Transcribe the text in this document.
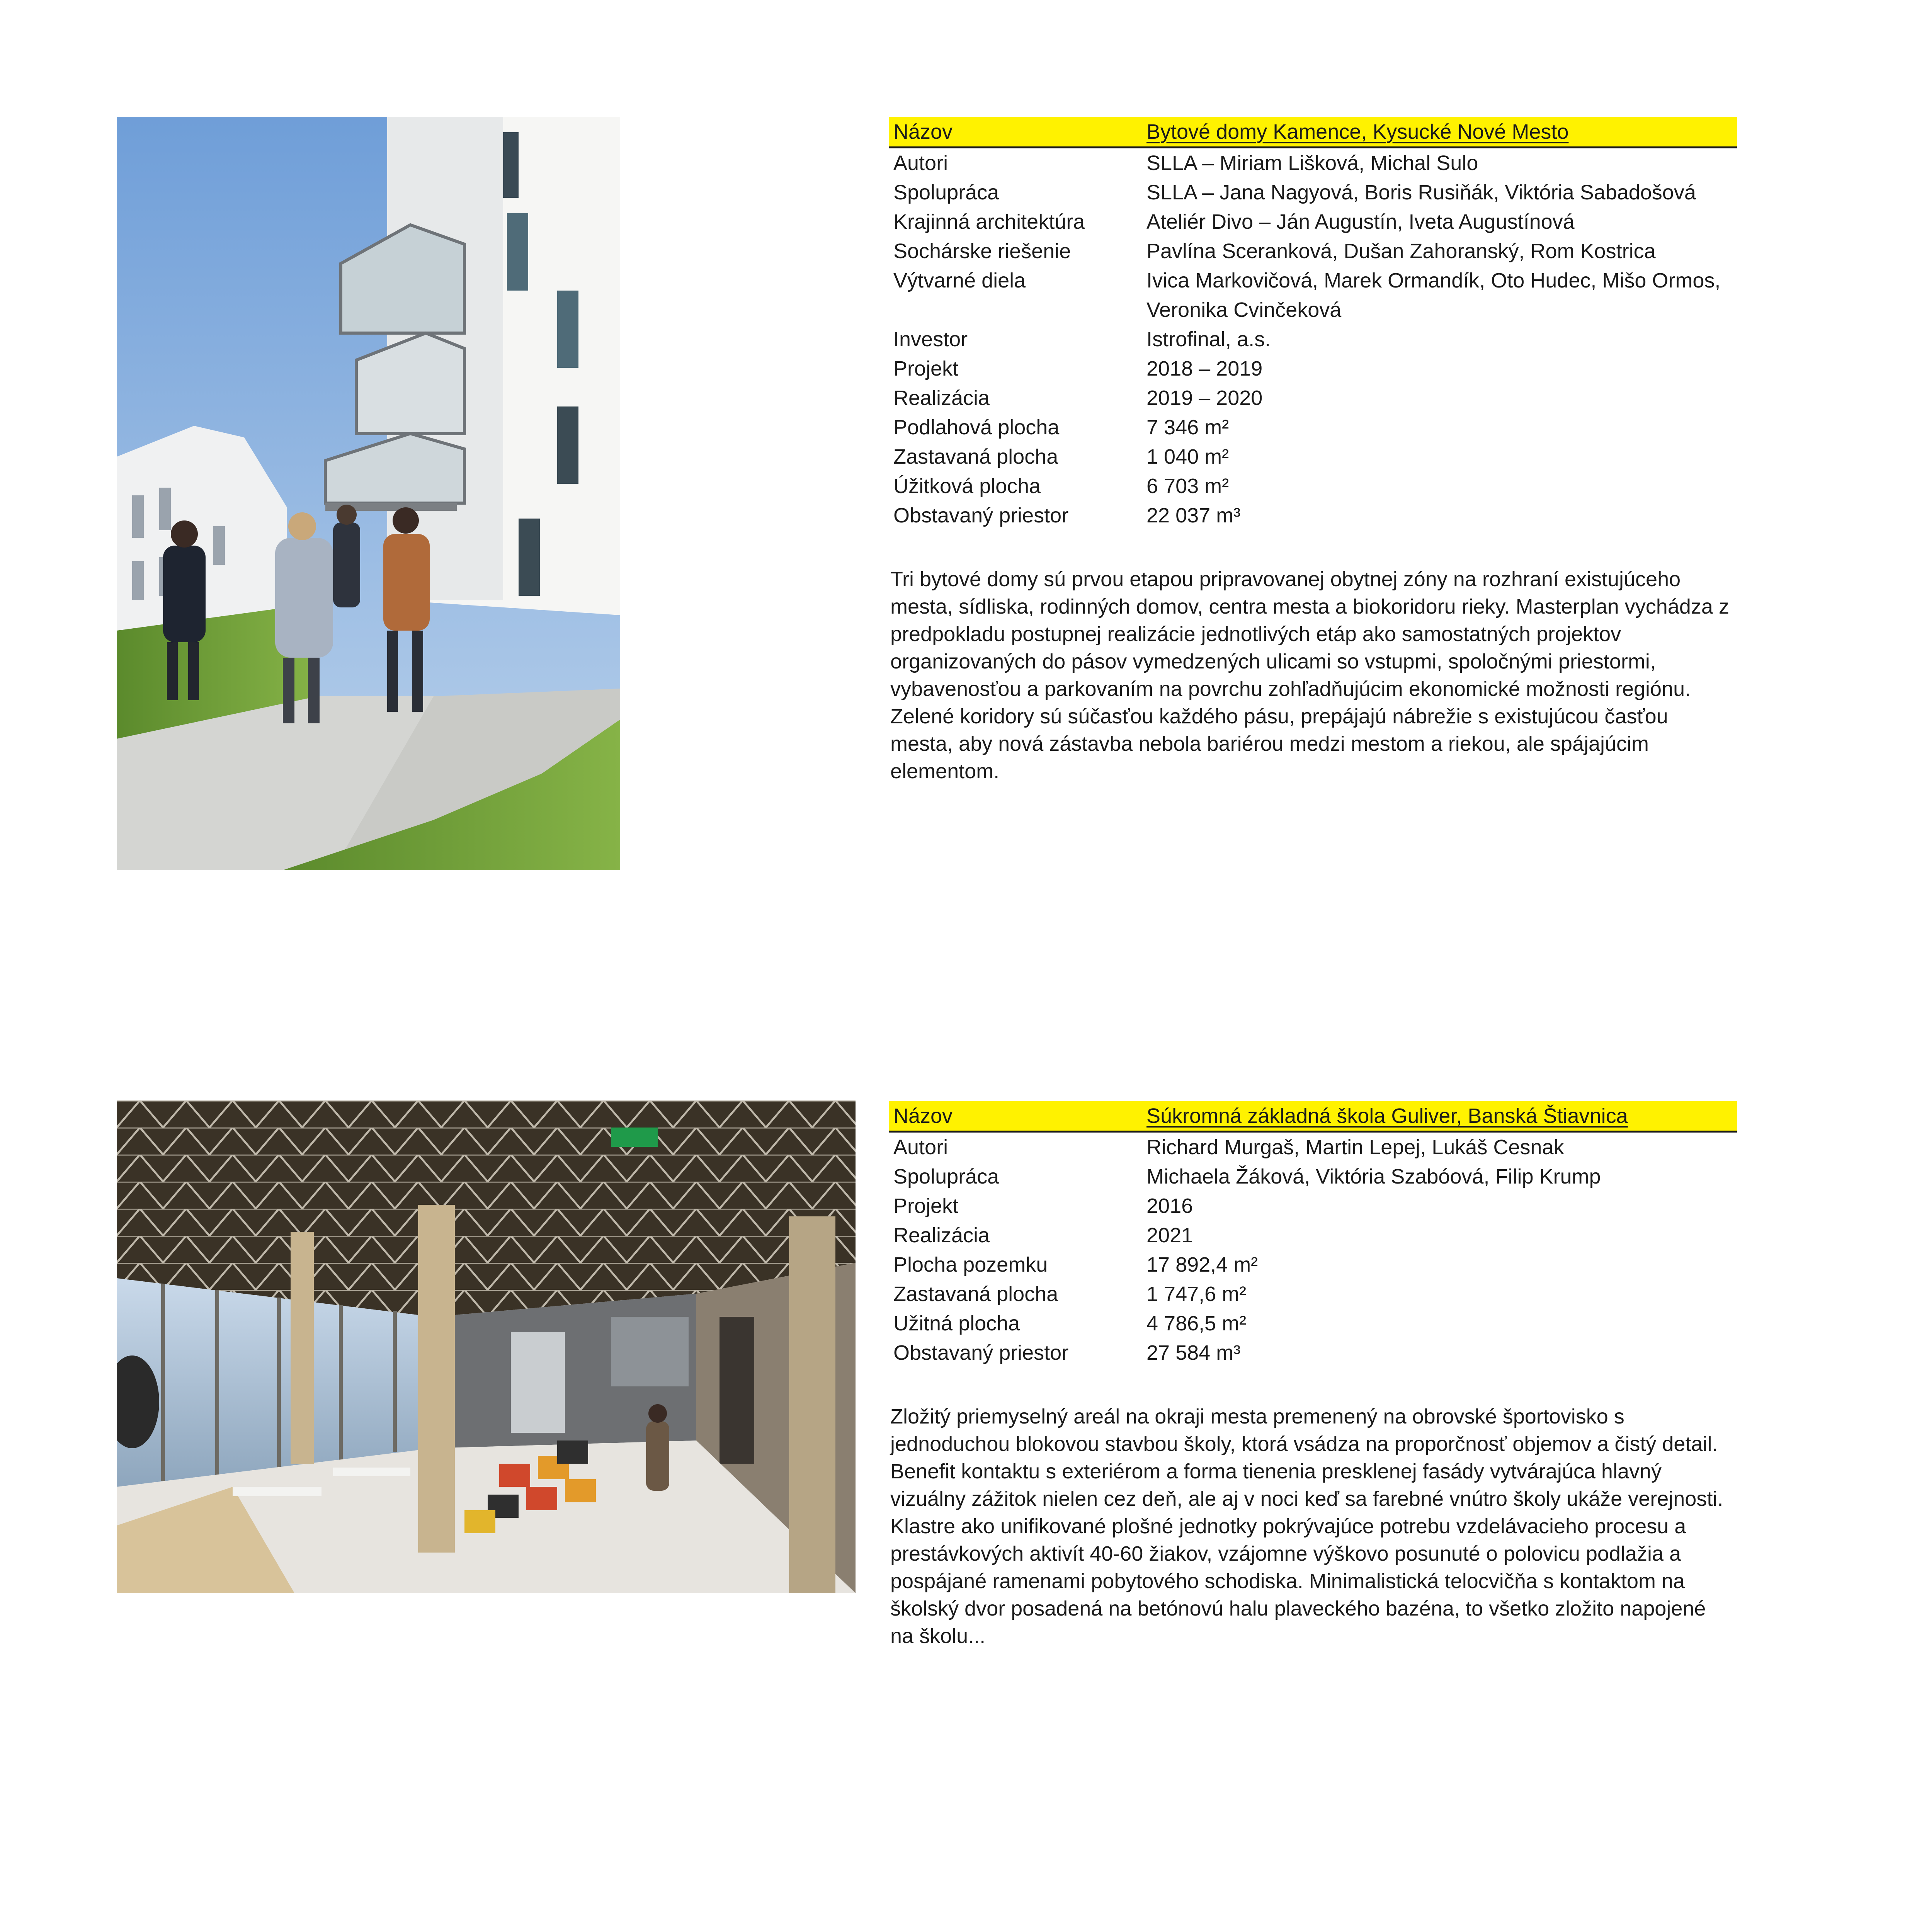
Názov	Bytové domy Kamence, Kysucké Nové Mesto
Autori	SLLA – Miriam Lišková, Michal Sulo
Spolupráca	SLLA – Jana Nagyová, Boris Rusiňák, Viktória Sabadošová
Krajinná architektúra	Ateliér Divo – Ján Augustín, Iveta Augustínová
Sochárske riešenie	Pavlína Sceranková, Dušan Zahoranský, Rom Kostrica
Výtvarné diela	Ivica Markovičová, Marek Ormandík, Oto Hudec, Mišo Ormos, Veronika Cvinčeková
Investor	Istrofinal, a.s.
Projekt	2018 – 2019
Realizácia	2019 – 2020
Podlahová plocha	7 346 m²
Zastavaná plocha	1 040 m²
Úžitková plocha	6 703 m²
Obstavaný priestor	22 037 m³

Tri bytové domy sú prvou etapou pripravovanej obytnej zóny na rozhraní existujúceho mesta, sídliska, rodinných domov, centra mesta a biokoridoru rieky. Masterplan vychádza z predpokladu postupnej realizácie jednotlivých etáp ako samostatných projektov organizovaných do pásov vymedzených ulicami so vstupmi, spoločnými priestormi, vybavenosťou a parkovaním na povrchu zohľadňujúcim ekonomické možnosti regiónu. Zelené koridory sú súčasťou každého pásu, prepájajú nábrežie s existujúcou časťou mesta, aby nová zástavba nebola bariérou medzi mestom a riekou, ale spájajúcim elementom.

Názov	Súkromná základná škola Guliver, Banská Štiavnica
Autori	Richard Murgaš, Martin Lepej, Lukáš Cesnak
Spolupráca	Michaela Žáková, Viktória Szabóová, Filip Krump
Projekt	2016
Realizácia	2021
Plocha pozemku	17 892,4 m²
Zastavaná plocha	1 747,6 m²
Užitná plocha	4 786,5 m²
Obstavaný priestor	27 584 m³

Zložitý priemyselný areál na okraji mesta premenený na obrovské športovisko s jednoduchou blokovou stavbou školy, ktorá vsádza na proporčnosť objemov a čistý detail. Benefit kontaktu s exteriérom a forma tienenia presklenej fasády vytvárajúca hlavný vizuálny zážitok nielen cez deň, ale aj v noci keď sa farebné vnútro školy ukáže verejnosti. Klastre ako unifikované plošné jednotky pokrývajúce potrebu vzdelávacieho procesu a prestávkových aktivít 40-60 žiakov, vzájomne výškovo posunuté o polovicu podlažia a pospájané ramenami pobytového schodiska. Minimalistická telocvičňa s kontaktom na školský dvor posadená na betónovú halu plaveckého bazéna, to všetko zložito napojené na školu...
